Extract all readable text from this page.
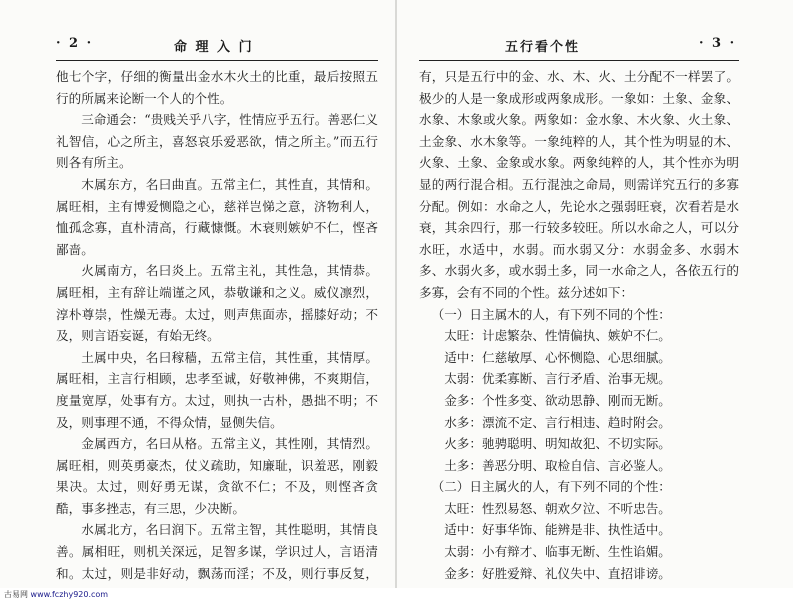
· 2 ·	命 理 入 门

他七个字，仔细的衡量出金水木火土的比重，最后按照五行的所属来论断一个人的个性。

三命通会：“贵贱关乎八字，性情应乎五行。善恶仁义礼智信，心之所主，喜怒哀乐爱恶欲，情之所主。”而五行则各有所主。

木属东方，名曰曲直。五常主仁，其性直，其情和。属旺相，主有博爱恻隐之心，慈祥岂悌之意，济物利人，恤孤念寡，直朴清高，行藏慷慨。木衰则嫉妒不仁，悭吝鄙啬。

火属南方，名曰炎上。五常主礼，其性急，其情恭。属旺相，主有辞让端谨之风，恭敬谦和之义。威仪凛烈，淳朴尊崇，性燥无毒。太过，则声焦面赤，摇膝好动；不及，则言语妄诞，有始无终。

土属中央，名曰稼穑，五常主信，其性重，其情厚。属旺相，主言行相顾，忠孝至诚，好敬神佛，不爽期信，度量宽厚，处事有方。太过，则执一古朴，愚拙不明；不及，则事理不通，不得众情，显侧失信。

金属西方，名曰从格。五常主义，其性刚，其情烈。属旺相，则英勇豪杰，仗义疏助，知廉耻，识羞恶，刚毅果决。太过，则好勇无谋，贪欲不仁；不及，则悭吝贪酷，事多挫志，有三思，少决断。

水属北方，名曰润下。五常主智，其性聪明，其情良善。属相旺，则机关深远，足智多谋，学识过人，言语清和。太过，则是非好动，飘荡而淫；不及，则行事反复，

五行看个性	· 3 ·

有，只是五行中的金、水、木、火、土分配不一样罢了。极少的人是一象成形或两象成形。一象如：土象、金象、水象、木象或火象。两象如：金水象、木火象、火土象、土金象、水木象等。一象纯粹的人，其个性为明显的木、火象、土象、金象或水象。两象纯粹的人，其个性亦为明显的两行混合相。五行混浊之命局，则需详究五行的多寡分配。例如：水命之人，先论水之强弱旺衰，次看若是水衰，其余四行，那一行较多较旺。所以水命之人，可以分水旺，水适中，水弱。而水弱又分：水弱金多、水弱木多、水弱火多，或水弱土多，同一水命之人，各依五行的多寡，会有不同的个性。兹分述如下：

（一）日主属木的人，有下列不同的个性：

太旺：计虑繁杂、性情偏执、嫉妒不仁。

适中：仁慈敏厚、心怀恻隐、心思细腻。

太弱：优柔寡断、言行矛盾、治事无规。

金多：个性多变、欲动思静、刚而无断。

水多：漂流不定、言行相违、趋时附会。

火多：驰骋聪明、明知故犯、不切实际。

土多：善恶分明、取检自信、言必鉴人。

（二）日主属火的人，有下列不同的个性：

太旺：性烈易怒、朝欢夕泣、不听忠告。

适中：好事华饰、能辨是非、执性适中。

太弱：小有辩才、临事无断、生性谄媚。

金多：好胜爱辩、礼仪失中、直招诽谤。

古易网 www.fczhy920.com
